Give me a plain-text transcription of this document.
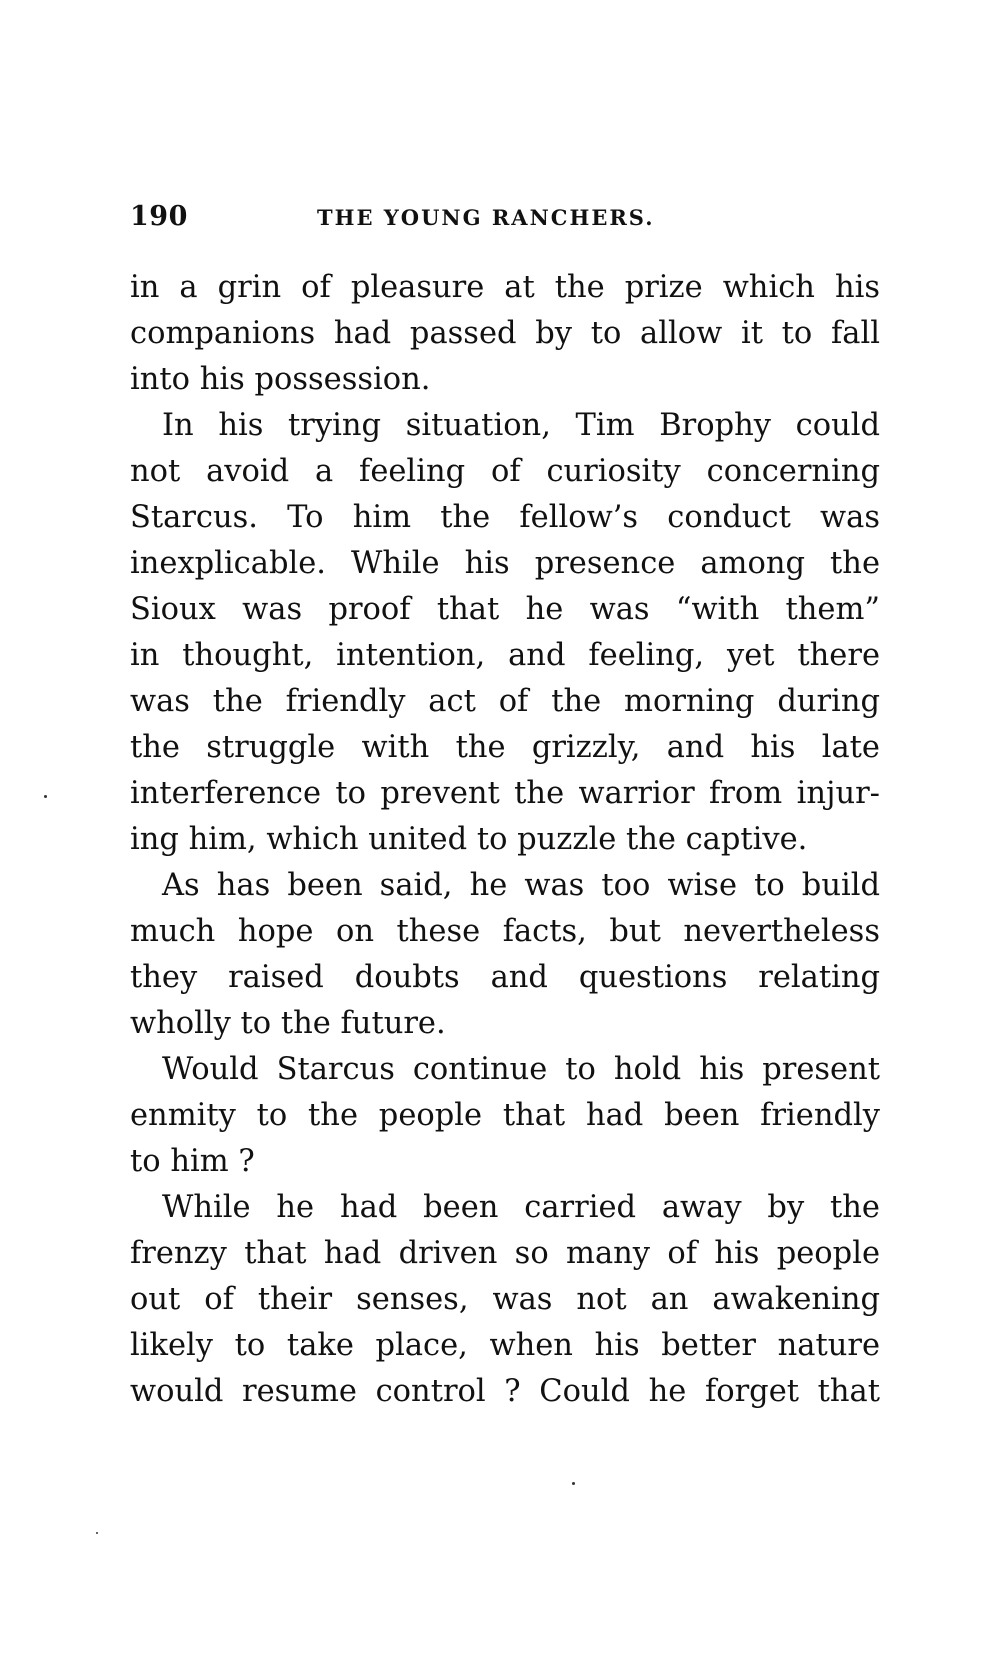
190	THE YOUNG RANCHERS.
in a grin of pleasure at the prize which his
companions had passed by to allow it to fall
into his possession.
In his trying situation, Tim Brophy could
not avoid a feeling of curiosity concerning
Starcus. To him the fellow’s conduct was
inexplicable. While his presence among the
Sioux was proof that he was “with them”
in thought, intention, and feeling, yet there
was the friendly act of the morning during
the struggle with the grizzly, and his late
interference to prevent the warrior from injur-
ing him, which united to puzzle the captive.
As has been said, he was too wise to build
much hope on these facts, but nevertheless
they raised doubts and questions relating
wholly to the future.
Would Starcus continue to hold his present
enmity to the people that had been friendly
to him ?
While he had been carried away by the
frenzy that had driven so many of his people
out of their senses, was not an awakening
likely to take place, when his better nature
would resume control ? Could he forget that
